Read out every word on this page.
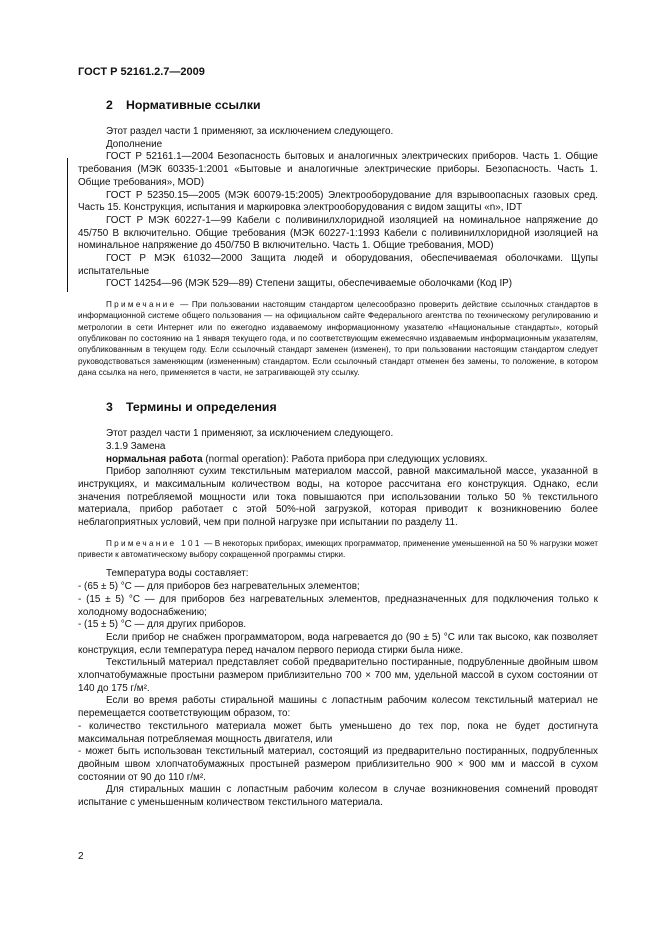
ГОСТ Р 52161.2.7—2009
2 Нормативные ссылки

Этот раздел части 1 применяют, за исключением следующего.

Дополнение

ГОСТ Р 52161.1—2004 Безопасность бытовых и аналогичных электрических приборов. Часть 1. Общие требования (МЭК 60335-1:2001 «Бытовые и аналогичные электрические приборы. Безопасность. Часть 1. Общие требования», MOD)

ГОСТ Р 52350.15—2005 (МЭК 60079-15:2005) Электрооборудование для взрывоопасных газовых сред. Часть 15. Конструкция, испытания и маркировка электрооборудования с видом защиты «n», IDT

ГОСТ Р МЭК 60227-1—99 Кабели с поливинилхлоридной изоляцией на номинальное напряжение до 45/750 В включительно. Общие требования (МЭК 60227-1:1993 Кабели с поливинилхлоридной изоляцией на номинальное напряжение до 450/750 В включительно. Часть 1. Общие требования, MOD)

ГОСТ Р МЭК 61032—2000 Защита людей и оборудования, обеспечиваемая оболочками. Щупы испытательные

ГОСТ 14254—96 (МЭК 529—89) Степени защиты, обеспечиваемые оболочками (Код IP)

Примечание — При пользовании настоящим стандартом целесообразно проверить действие ссылочных стандартов в информационной системе общего пользования — на официальном сайте Федерального агентства по техническому регулированию и метрологии в сети Интернет или по ежегодно издаваемому информационному указателю «Национальные стандарты», который опубликован по состоянию на 1 января текущего года, и по соответствующим ежемесячно издаваемым информационным указателям, опубликованным в текущем году. Если ссылочный стандарт заменен (изменен), то при пользовании настоящим стандартом следует руководствоваться заменяющим (измененным) стандартом. Если ссылочный стандарт отменен без замены, то положение, в котором дана ссылка на него, применяется в части, не затрагивающей эту ссылку.

3 Термины и определения

Этот раздел части 1 применяют, за исключением следующего.

3.1.9 Замена

нормальная работа (normal operation): Работа прибора при следующих условиях.

Прибор заполняют сухим текстильным материалом массой, равной максимальной массе, указанной в инструкциях, и максимальным количеством воды, на которое рассчитана его конструкция. Однако, если значения потребляемой мощности или тока повышаются при использовании только 50 % текстильного материала, прибор работает с этой 50%-ной загрузкой, которая приводит к возникновению более неблагоприятных условий, чем при полной нагрузке при испытании по разделу 11.

Примечание 101 — В некоторых приборах, имеющих программатор, применение уменьшенной на 50 % нагрузки может привести к автоматическому выбору сокращенной программы стирки.

Температура воды составляет:

- (65 ± 5) °С — для приборов без нагревательных элементов;

- (15 ± 5) °С — для приборов без нагревательных элементов, предназначенных для подключения только к холодному водоснабжению;

- (15 ± 5) °С — для других приборов.

Если прибор не снабжен программатором, вода нагревается до (90 ± 5) °С или так высоко, как позволяет конструкция, если температура перед началом первого периода стирки была ниже.

Текстильный материал представляет собой предварительно постиранные, подрубленные двойным швом хлопчатобумажные простыни размером приблизительно 700 × 700 мм, удельной массой в сухом состоянии от 140 до 175 г/м².

Если во время работы стиральной машины с лопастным рабочим колесом текстильный материал не перемещается соответствующим образом, то:

- количество текстильного материала может быть уменьшено до тех пор, пока не будет достигнута максимальная потребляемая мощность двигателя, или

- может быть использован текстильный материал, состоящий из предварительно постиранных, подрубленных двойным швом хлопчатобумажных простыней размером приблизительно 900 × 900 мм и массой в сухом состоянии от 90 до 110 г/м².

Для стиральных машин с лопастным рабочим колесом в случае возникновения сомнений проводят испытание с уменьшенным количеством текстильного материала.

2
